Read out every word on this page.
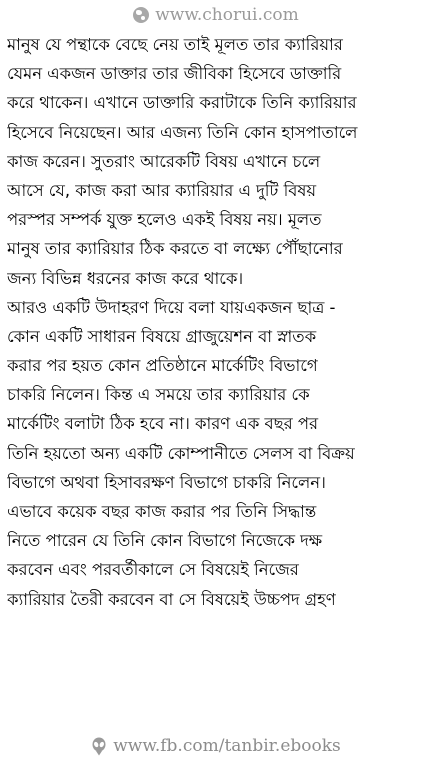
www.chorui.com
মানুষ যে পন্থাকে বেছে নেয় তাই মূলত তার ক্যারিয়ার
যেমন একজন ডাক্তার তার জীবিকা হিসেবে ডাক্তারি
করে থাকেন। এখানে ডাক্তারি করাটাকে তিনি ক্যারিয়ার
হিসেবে নিয়েছেন। আর এজন্য তিনি কোন হাসপাতালে
কাজ করেন। সুতরাং আরেকটি বিষয় এখানে চলে
আসে যে, কাজ করা আর ক্যারিয়ার এ দুটি বিষয়
পরস্পর সম্পর্ক যুক্ত হলেও একই বিষয় নয়। মূলত
মানুষ তার ক্যারিয়ার ঠিক করতে বা লক্ষ্যে পৌঁছানোর
জন্য বিভিন্ন ধরনের কাজ করে থাকে।
আরও একটি উদাহরণ দিয়ে বলা যায়একজন ছাত্র -
কোন একটি সাধারন বিষয়ে গ্রাজুয়েশন বা স্নাতক
করার পর হয়ত কোন প্রতিষ্ঠানে মার্কেটিং বিভাগে
চাকরি নিলেন। কিন্ত এ সময়ে তার ক্যারিয়ার কে
মার্কেটিং বলাটা ঠিক হবে না। কারণ এক বছর পর
তিনি হয়তো অন্য একটি কোম্পানীতে সেলস বা বিক্রয়
বিভাগে অথবা হিসাবরক্ষণ বিভাগে চাকরি নিলেন।
এভাবে কয়েক বছর কাজ করার পর তিনি সিদ্ধান্ত
নিতে পারেন যে তিনি কোন বিভাগে নিজেকে দক্ষ
করবেন এবং পরবর্তীকালে সে বিষয়েই নিজের
ক্যারিয়ার তৈরী করবেন বা সে বিষয়েই উচ্চপদ গ্রহণ
www.fb.com/tanbir.ebooks
